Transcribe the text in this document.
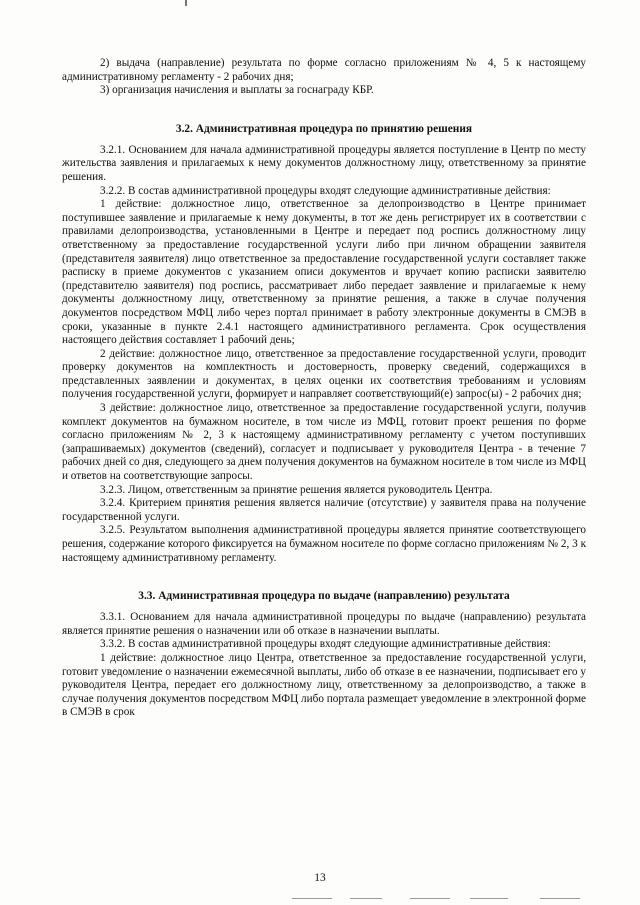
2) выдача (направление) результата по форме согласно приложениям № 4, 5 к настоящему административному регламенту - 2 рабочих дня;

3) организация начисления и выплаты за госнаграду КБР.

3.2. Административная процедура по принятию решения

3.2.1. Основанием для начала административной процедуры является поступление в Центр по месту жительства заявления и прилагаемых к нему документов должностному лицу, ответственному за принятие решения.

3.2.2. В состав административной процедуры входят следующие административные действия:

1 действие: должностное лицо, ответственное за делопроизводство в Центре принимает поступившее заявление и прилагаемые к нему документы, в тот же день регистрирует их в соответствии с правилами делопроизводства, установленными в Центре и передает под роспись должностному лицу ответственному за предоставление государственной услуги либо при личном обращении заявителя (представителя заявителя) лицо ответственное за предоставление государственной услуги составляет также расписку в приеме документов с указанием описи документов и вручает копию расписки заявителю (представителю заявителя) под роспись, рассматривает либо передает заявление и прилагаемые к нему документы должностному лицу, ответственному за принятие решения, а также в случае получения документов посредством МФЦ либо через портал принимает в работу электронные документы в СМЭВ в сроки, указанные в пункте 2.4.1 настоящего административного регламента. Срок осуществления настоящего действия составляет 1 рабочий день;

2 действие: должностное лицо, ответственное за предоставление государственной услуги, проводит проверку документов на комплектность и достоверность, проверку сведений, содержащихся в представленных заявлении и документах, в целях оценки их соответствия требованиям и условиям получения государственной услуги, формирует и направляет соответствующий(е) запрос(ы) - 2 рабочих дня;

3 действие: должностное лицо, ответственное за предоставление государственной услуги, получив комплект документов на бумажном носителе, в том числе из МФЦ, готовит проект решения по форме согласно приложениям № 2, 3 к настоящему административному регламенту с учетом поступивших (запрашиваемых) документов (сведений), согласует и подписывает у руководителя Центра - в течение 7 рабочих дней со дня, следующего за днем получения документов на бумажном носителе в том числе из МФЦ и ответов на соответствующие запросы.

3.2.3. Лицом, ответственным за принятие решения является руководитель Центра.

3.2.4. Критерием принятия решения является наличие (отсутствие) у заявителя права на получение государственной услуги.

3.2.5. Результатом выполнения административной процедуры является принятие соответствующего решения, содержание которого фиксируется на бумажном носителе по форме согласно приложениям № 2, 3 к настоящему административному регламенту.

3.3. Административная процедура по выдаче (направлению) результата

3.3.1. Основанием для начала административной процедуры по выдаче (направлению) результата является принятие решения о назначении или об отказе в назначении выплаты.

3.3.2. В состав административной процедуры входят следующие административные действия:

1 действие: должностное лицо Центра, ответственное за предоставление государственной услуги, готовит уведомление о назначении ежемесячной выплаты, либо об отказе в ее назначении, подписывает его у руководителя Центра, передает его должностному лицу, ответственному за делопроизводство, а также в случае получения документов посредством МФЦ либо портала размещает уведомление в электронной форме в СМЭВ в срок

13
